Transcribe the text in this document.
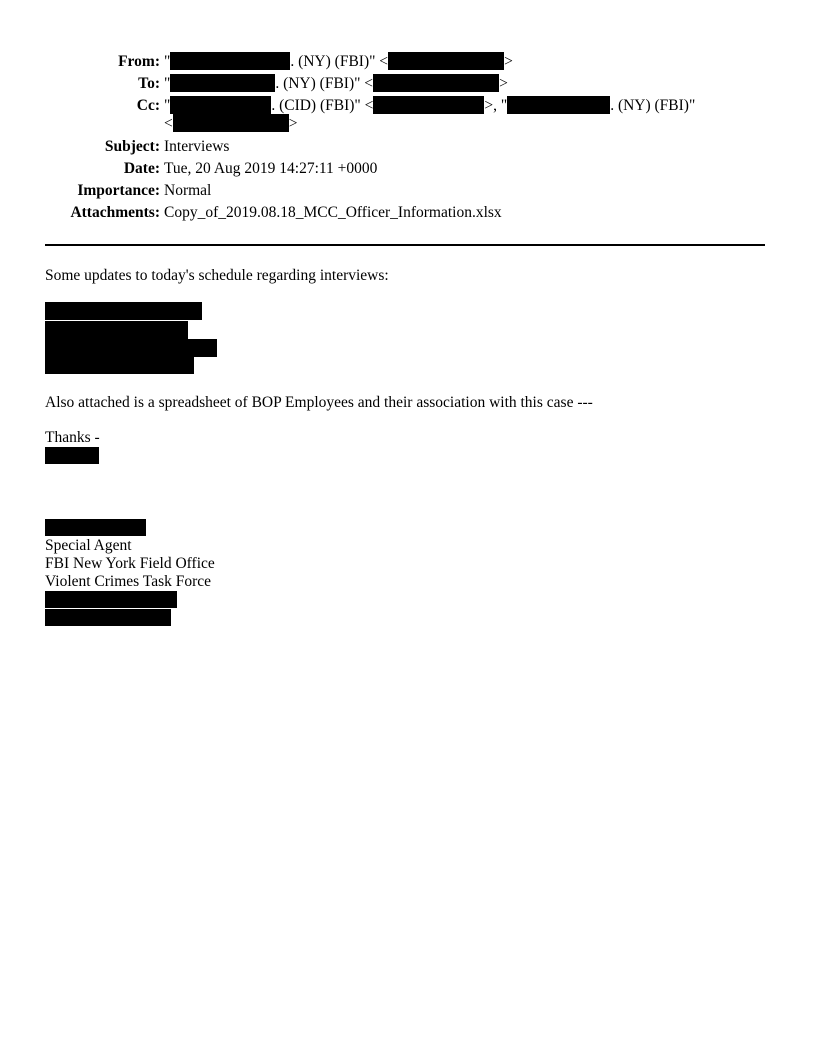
From: "	. (NY) (FBI)" <	>
To: "	. (NY) (FBI)" <	>
Cc: "	. (CID) (FBI)" <	>, "	. (NY) (FBI)"
<	>
Subject: Interviews
Date: Tue, 20 Aug 2019 14:27:11 +0000
Importance: Normal
Attachments: Copy_of_2019.08.18_MCC_Officer_Information.xlsx
Some updates to today's schedule regarding interviews:
Also attached is a spreadsheet of BOP Employees and their association with this case ---
Thanks -
Special Agent
FBI New York Field Office
Violent Crimes Task Force
